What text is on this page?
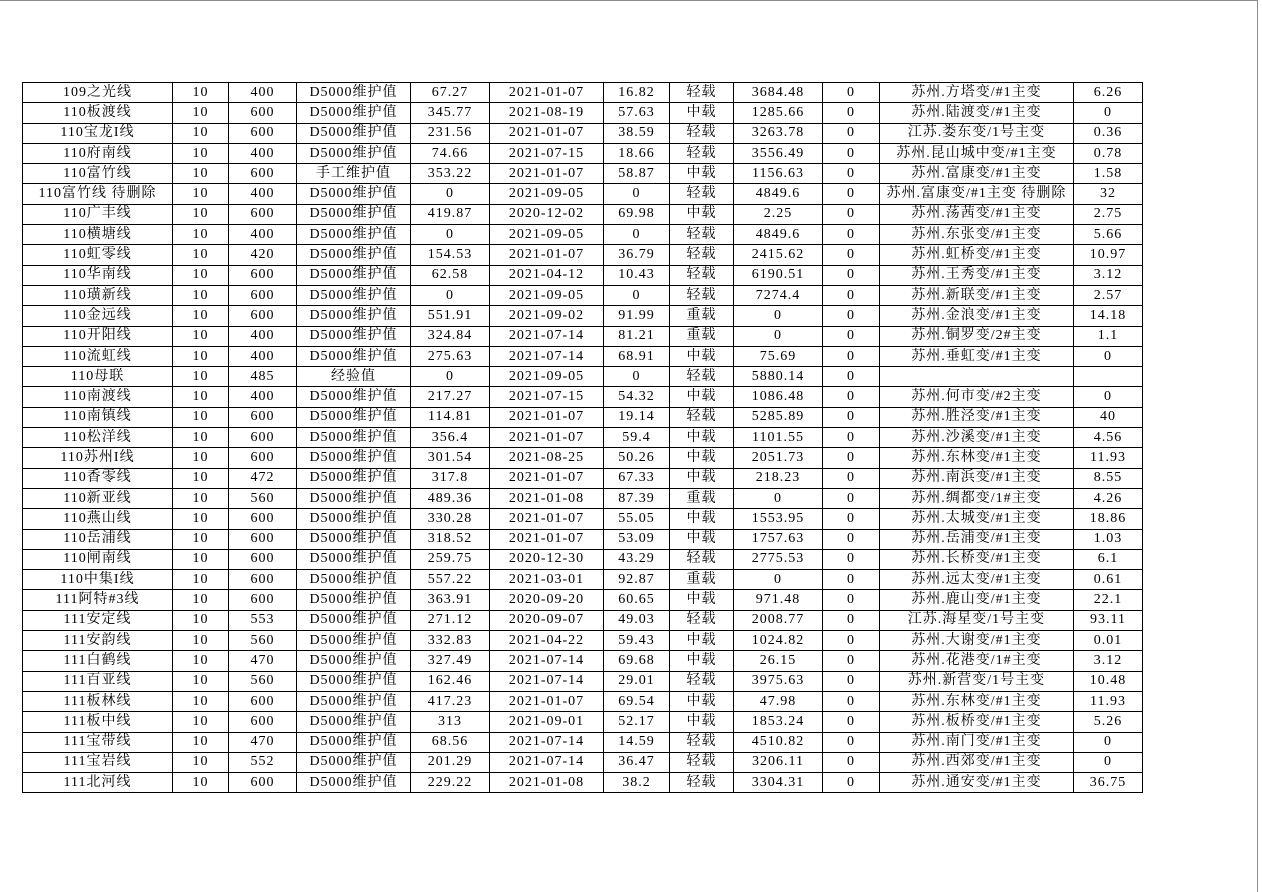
109之光线	10	400	D5000维护值	67.27	2021-01-07	16.82	轻载	3684.48	0	苏州.方塔变/#1主变	6.26

110板渡线	10	600	D5000维护值	345.77	2021-08-19	57.63	中载	1285.66	0	苏州.陆渡变/#1主变	0

110宝龙I线	10	600	D5000维护值	231.56	2021-01-07	38.59	轻载	3263.78	0	江苏.娄东变/1号主变	0.36

110府南线	10	400	D5000维护值	74.66	2021-07-15	18.66	轻载	3556.49	0	苏州.昆山城中变/#1主变	0.78

110富竹线	10	600	手工维护值	353.22	2021-01-07	58.87	中载	1156.63	0	苏州.富康变/#1主变	1.58

110富竹线 待删除	10	400	D5000维护值	0	2021-09-05	0	轻载	4849.6	0	苏州.富康变/#1主变 待删除	32

110广丰线	10	600	D5000维护值	419.87	2020-12-02	69.98	中载	2.25	0	苏州.荡茜变/#1主变	2.75

110横塘线	10	400	D5000维护值	0	2021-09-05	0	轻载	4849.6	0	苏州.东张变/#1主变	5.66

110虹零线	10	420	D5000维护值	154.53	2021-01-07	36.79	轻载	2415.62	0	苏州.虹桥变/#1主变	10.97

110华南线	10	600	D5000维护值	62.58	2021-04-12	10.43	轻载	6190.51	0	苏州.王秀变/#1主变	3.12

110璜新线	10	600	D5000维护值	0	2021-09-05	0	轻载	7274.4	0	苏州.新联变/#1主变	2.57

110金远线	10	600	D5000维护值	551.91	2021-09-02	91.99	重载	0	0	苏州.金浪变/#1主变	14.18

110开阳线	10	400	D5000维护值	324.84	2021-07-14	81.21	重载	0	0	苏州.铜罗变/2#主变	1.1

110流虹线	10	400	D5000维护值	275.63	2021-07-14	68.91	中载	75.69	0	苏州.垂虹变/#1主变	0

110母联	10	485	经验值	0	2021-09-05	0	轻载	5880.14	0		

110南渡线	10	400	D5000维护值	217.27	2021-07-15	54.32	中载	1086.48	0	苏州.何市变/#2主变	0

110南镇线	10	600	D5000维护值	114.81	2021-01-07	19.14	轻载	5285.89	0	苏州.胜泾变/#1主变	40

110松洋线	10	600	D5000维护值	356.4	2021-01-07	59.4	中载	1101.55	0	苏州.沙溪变/#1主变	4.56

110苏州I线	10	600	D5000维护值	301.54	2021-08-25	50.26	中载	2051.73	0	苏州.东林变/#1主变	11.93

110香零线	10	472	D5000维护值	317.8	2021-01-07	67.33	中载	218.23	0	苏州.南浜变/#1主变	8.55

110新亚线	10	560	D5000维护值	489.36	2021-01-08	87.39	重载	0	0	苏州.绸都变/1#主变	4.26

110燕山线	10	600	D5000维护值	330.28	2021-01-07	55.05	中载	1553.95	0	苏州.太城变/#1主变	18.86

110岳浦线	10	600	D5000维护值	318.52	2021-01-07	53.09	中载	1757.63	0	苏州.岳浦变/#1主变	1.03

110闸南线	10	600	D5000维护值	259.75	2020-12-30	43.29	轻载	2775.53	0	苏州.长桥变/#1主变	6.1

110中集I线	10	600	D5000维护值	557.22	2021-03-01	92.87	重载	0	0	苏州.远太变/#1主变	0.61

111阿特#3线	10	600	D5000维护值	363.91	2020-09-20	60.65	中载	971.48	0	苏州.鹿山变/#1主变	22.1

111安定线	10	553	D5000维护值	271.12	2020-09-07	49.03	轻载	2008.77	0	江苏.海星变/1号主变	93.11

111安韵线	10	560	D5000维护值	332.83	2021-04-22	59.43	中载	1024.82	0	苏州.大谢变/#1主变	0.01

111白鹤线	10	470	D5000维护值	327.49	2021-07-14	69.68	中载	26.15	0	苏州.花港变/1#主变	3.12

111百亚线	10	560	D5000维护值	162.46	2021-07-14	29.01	轻载	3975.63	0	苏州.新营变/1号主变	10.48

111板林线	10	600	D5000维护值	417.23	2021-01-07	69.54	中载	47.98	0	苏州.东林变/#1主变	11.93

111板中线	10	600	D5000维护值	313	2021-09-01	52.17	中载	1853.24	0	苏州.板桥变/#1主变	5.26

111宝带线	10	470	D5000维护值	68.56	2021-07-14	14.59	轻载	4510.82	0	苏州.南门变/#1主变	0

111宝岩线	10	552	D5000维护值	201.29	2021-07-14	36.47	轻载	3206.11	0	苏州.西郊变/#1主变	0

111北河线	10	600	D5000维护值	229.22	2021-01-08	38.2	轻载	3304.31	0	苏州.通安变/#1主变	36.75
